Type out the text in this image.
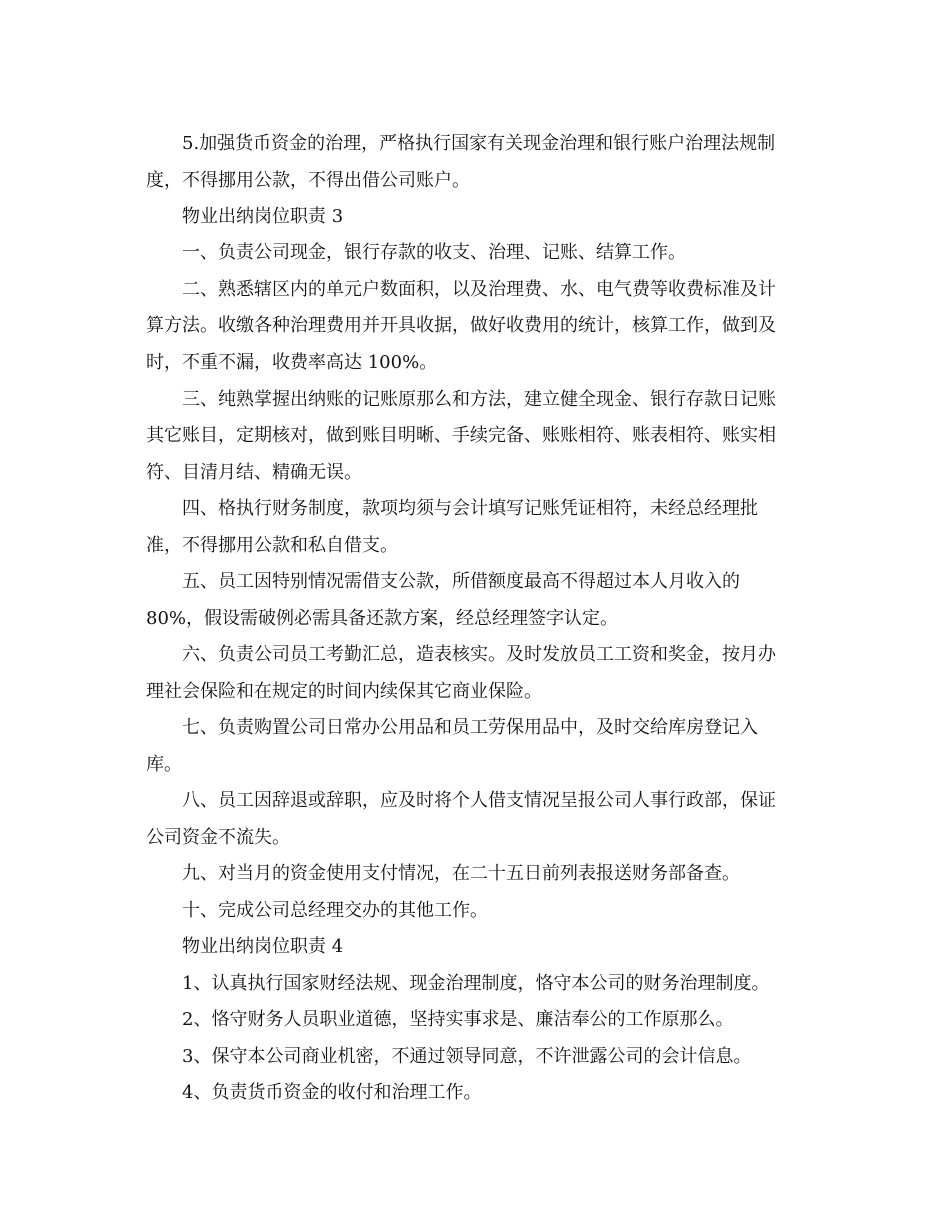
5.加强货币资金的治理，严格执行国家有关现金治理和银行账户治理法规制
度，不得挪用公款，不得出借公司账户。
物业出纳岗位职责 3
一、负责公司现金，银行存款的收支、治理、记账、结算工作。
二、熟悉辖区内的单元户数面积，以及治理费、水、电气费等收费标准及计
算方法。收缴各种治理费用并开具收据，做好收费用的统计，核算工作，做到及
时，不重不漏，收费率高达 100%。
三、纯熟掌握出纳账的记账原那么和方法，建立健全现金、银行存款日记账
其它账目，定期核对，做到账目明晰、手续完备、账账相符、账表相符、账实相
符、目清月结、精确无误。
四、格执行财务制度，款项均须与会计填写记账凭证相符，未经总经理批
准，不得挪用公款和私自借支。
五、员工因特别情况需借支公款，所借额度最高不得超过本人月收入的
80%，假设需破例必需具备还款方案，经总经理签字认定。
六、负责公司员工考勤汇总，造表核实。及时发放员工工资和奖金，按月办
理社会保险和在规定的时间内续保其它商业保险。
七、负责购置公司日常办公用品和员工劳保用品中，及时交给库房登记入
库。
八、员工因辞退或辞职，应及时将个人借支情况呈报公司人事行政部，保证
公司资金不流失。
九、对当月的资金使用支付情况，在二十五日前列表报送财务部备查。
十、完成公司总经理交办的其他工作。
物业出纳岗位职责 4
1、认真执行国家财经法规、现金治理制度，恪守本公司的财务治理制度。
2、恪守财务人员职业道德，坚持实事求是、廉洁奉公的工作原那么。
3、保守本公司商业机密，不通过领导同意，不许泄露公司的会计信息。
4、负责货币资金的收付和治理工作。
